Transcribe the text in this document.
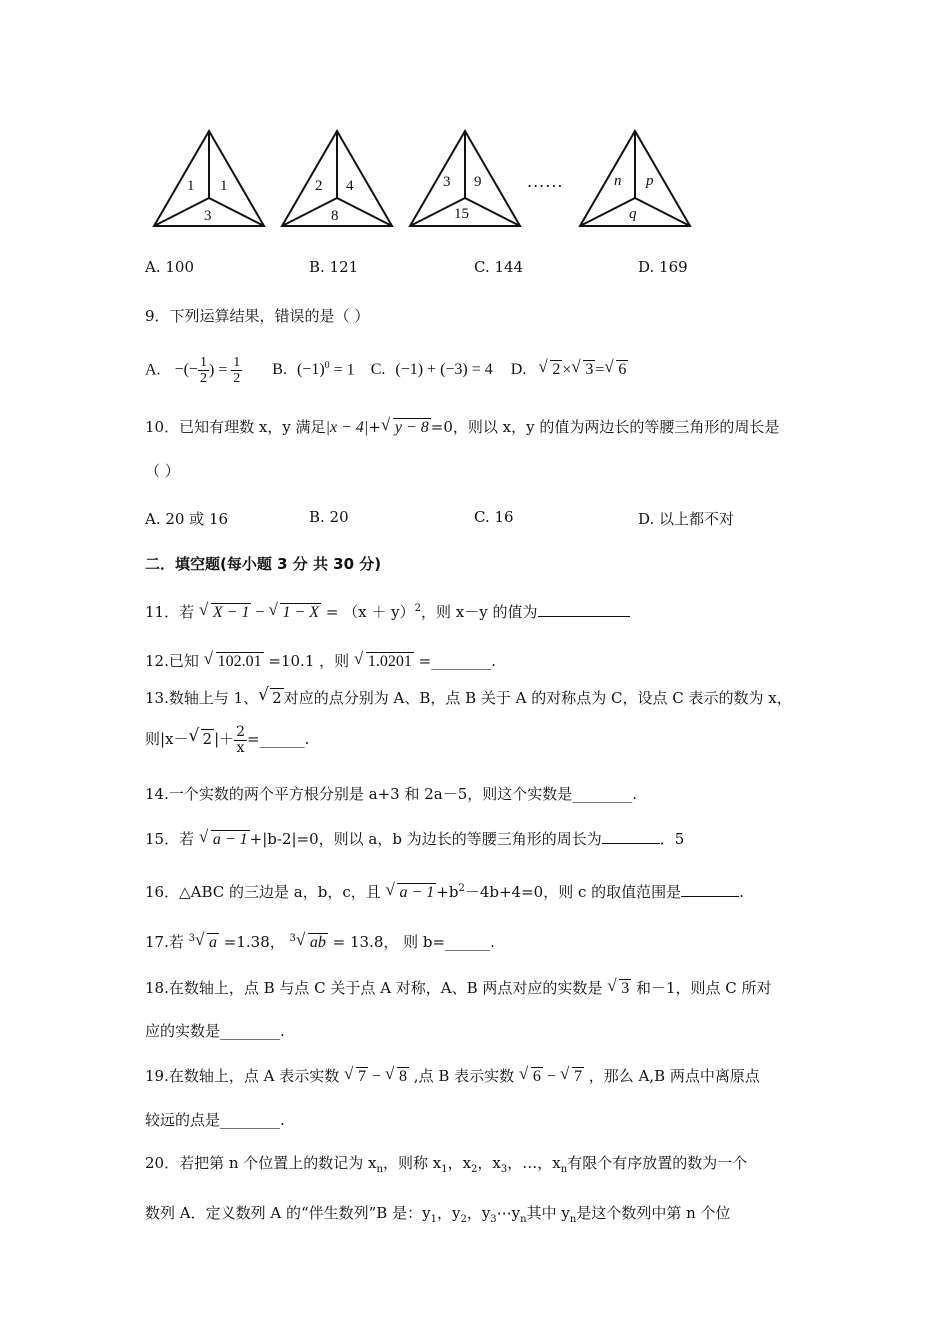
1 1
3
2 4
8
3 9
15
......	n p
q
A. 100	B. 121	C. 144	D. 169
9．下列运算结果，错误的是（ ）
A. −(− $\frac{1}{2}$ ) = $\frac{1}{2} B$. $(-1)^0 = 1$ C. (−1) + (−3) = 4 D. √ 2 × √ 3 = √ 6
10．已知有理数 x，y 满足|x − 4|+ √ y − 8 =0，则以 x，y 的值为两边长的等腰三角形的周长是
（ ）
A. 20 或 16	B. 20	C. 16	D. 以上都不对
二．填空题(每小题 3 分 共 30 分)
11．若 √ X − 1 − √ $1 - X = (x + y)^2$，则 x－y 的值为
12.已知 √ 102.01 =10.1 ，则 √ 1.0201 =________.
13.数轴上与 1、 √ 2 对应的点分别为 A、B，点 B 关于 A 的对称点为 C，设点 C 表示的数为 x，
则|x－ √ 2 |＋ $\frac{2}{x}$ =______.
14.一个实数的两个平方根分别是 a+3 和 2a－5，则这个实数是________.
15．若 √ a − 1 +|b-2|=0，则以 a，b 为边长的等腰三角形的周长为	．5
16．△ABC 的三边是 a，b，c，且 √ $a - 1 +b^2-4b+4=0$，则 c 的取值范围是	.
17.若 $^3$ √ a =1.38， $^3$ √ ab = 13.8， 则 b=______.
18.在数轴上，点 B 与点 C 关于点 A 对称，A、B 两点对应的实数是 √ 3 和－1，则点 C 所对
应的实数是________.
19.在数轴上，点 A 表示实数 √ 7 − √ 8 ,点 B 表示实数 √ 6 − √ 7 ，那么 A,B 两点中离原点
较远的点是________.
20．若把第 n 个位置上的数记为 $x_n$，则称 $x_1$，$x_2$，$x_3$，…，$x_n$有限个有序放置的数为一个
数列 A．定义数列 A 的“伴生数列”B 是：$y_1$，$y_2$，$y_3\cdots y_n$其中 $y_n$是这个数列中第 n 个位
